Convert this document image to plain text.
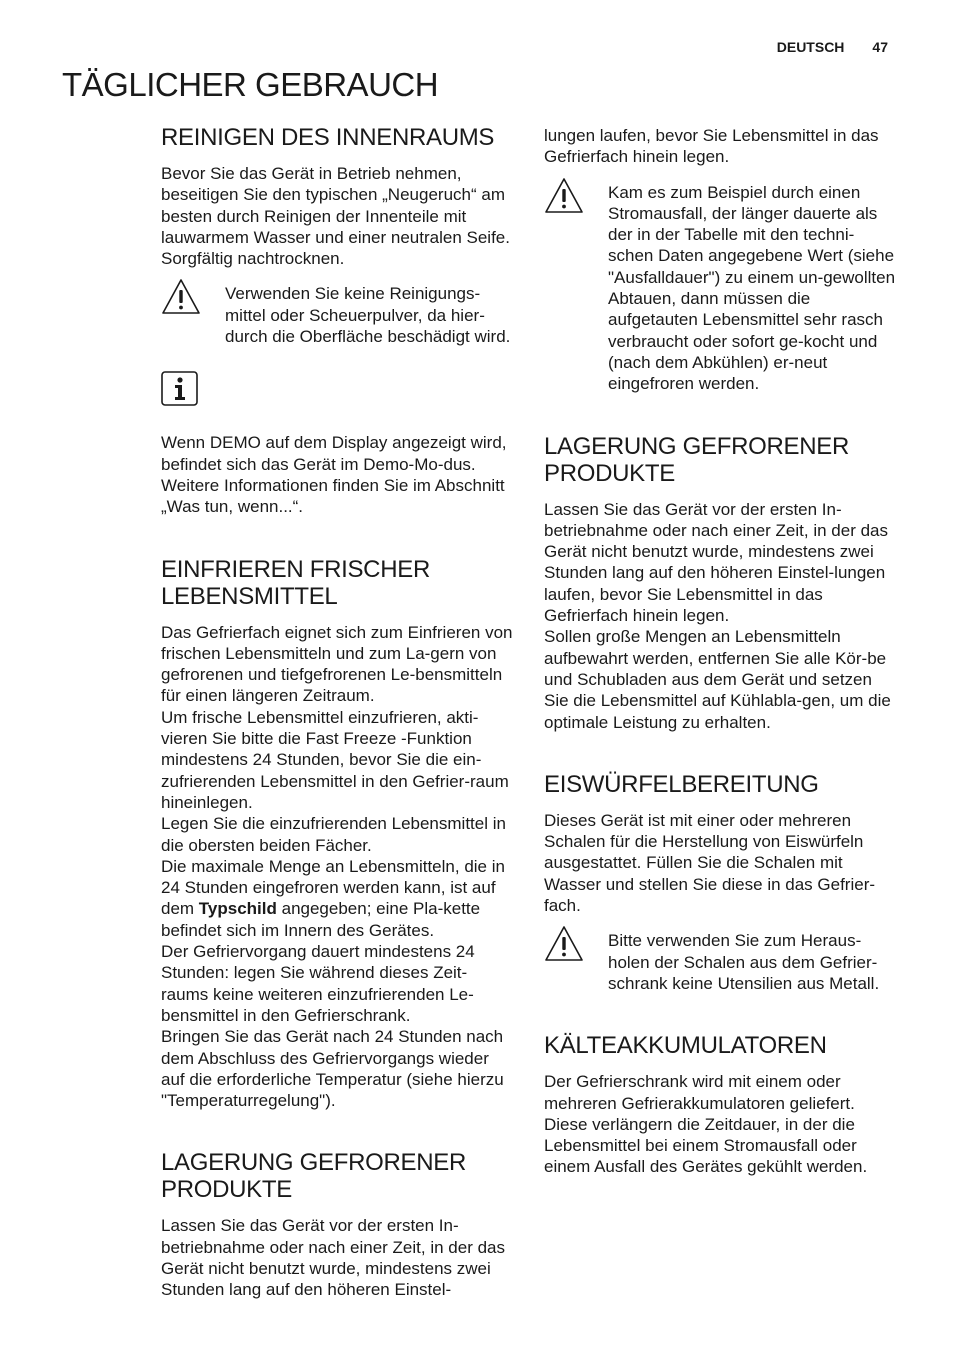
DEUTSCH 47
TÄGLICHER GEBRAUCH
REINIGEN DES INNENRAUMS

Bevor Sie das Gerät in Betrieb nehmen, beseitigen Sie den typischen „Neugeruch“ am besten durch Reinigen der Innenteile mit lauwarmem Wasser und einer neutralen Seife. Sorgfältig nachtrocknen.

Verwenden Sie keine Reinigungs-mittel oder Scheuerpulver, da hier-durch die Oberfläche beschädigt wird.

Wenn DEMO auf dem Display angezeigt wird, befindet sich das Gerät im Demo-Mo-dus. Weitere Informationen finden Sie im Abschnitt „Was tun, wenn...“.

EINFRIEREN FRISCHER LEBENSMITTEL

Das Gefrierfach eignet sich zum Einfrieren von frischen Lebensmitteln und zum La-gern von gefrorenen und tiefgefrorenen Le-bensmitteln für einen längeren Zeitraum.

Um frische Lebensmittel einzufrieren, akti-vieren Sie bitte die Fast Freeze -Funktion mindestens 24 Stunden, bevor Sie die ein-zufrierenden Lebensmittel in den Gefrier-raum hineinlegen.

Legen Sie die einzufrierenden Lebensmittel in die obersten beiden Fächer.

Die maximale Menge an Lebensmitteln, die in 24 Stunden eingefroren werden kann, ist auf dem Typschild angegeben; eine Pla-kette befindet sich im Innern des Gerätes.

Der Gefriervorgang dauert mindestens 24 Stunden: legen Sie während dieses Zeit-raums keine weiteren einzufrierenden Le-bensmittel in den Gefrierschrank.

Bringen Sie das Gerät nach 24 Stunden nach dem Abschluss des Gefriervorgangs wieder auf die erforderliche Temperatur (siehe hierzu "Temperaturregelung").

LAGERUNG GEFRORENER PRODUKTE

Lassen Sie das Gerät vor der ersten In-betriebnahme oder nach einer Zeit, in der das Gerät nicht benutzt wurde, mindestens zwei Stunden lang auf den höheren Einstel-

lungen laufen, bevor Sie Lebensmittel in das Gefrierfach hinein legen.

Kam es zum Beispiel durch einen Stromausfall, der länger dauerte als der in der Tabelle mit den techni-schen Daten angegebene Wert (siehe "Ausfalldauer") zu einem un-gewollten Abtauen, dann müssen die aufgetauten Lebensmittel sehr rasch verbraucht oder sofort ge-kocht und (nach dem Abkühlen) er-neut eingefroren werden.

LAGERUNG GEFRORENER PRODUKTE

Lassen Sie das Gerät vor der ersten In-betriebnahme oder nach einer Zeit, in der das Gerät nicht benutzt wurde, mindestens zwei Stunden lang auf den höheren Einstel-lungen laufen, bevor Sie Lebensmittel in das Gefrierfach hinein legen.

Sollen große Mengen an Lebensmitteln aufbewahrt werden, entfernen Sie alle Kör-be und Schubladen aus dem Gerät und setzen Sie die Lebensmittel auf Kühlabla-gen, um die optimale Leistung zu erhalten.

EISWÜRFELBEREITUNG

Dieses Gerät ist mit einer oder mehreren Schalen für die Herstellung von Eiswürfeln ausgestattet. Füllen Sie die Schalen mit Wasser und stellen Sie diese in das Gefrier-fach.

Bitte verwenden Sie zum Heraus-holen der Schalen aus dem Gefrier-schrank keine Utensilien aus Metall.

KÄLTEAKKUMULATOREN

Der Gefrierschrank wird mit einem oder mehreren Gefrierakkumulatoren geliefert. Diese verlängern die Zeitdauer, in der die Lebensmittel bei einem Stromausfall oder einem Ausfall des Gerätes gekühlt werden.
